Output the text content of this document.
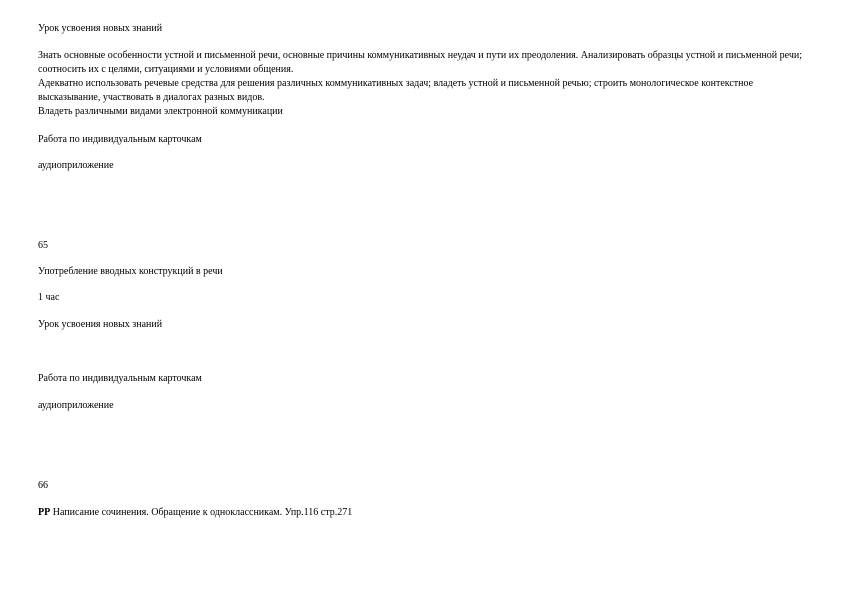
Урок усвоения новых знаний
Знать основные особенности устной и письменной речи, основные причины коммуникативных неудач и пути их преодоления. Анализировать образцы устной и письменной речи; соотносить их с целями, ситуациями и условиями общения.
Адекватно использовать речевые средства для решения различных коммуникативных задач; владеть устной и письменной речью; строить монологическое контекстное высказывание, участвовать в диалогах разных видов.
Владеть различными видами электронной коммуникации
Работа по индивидуальным карточкам
аудиоприложение
65
Употребление вводных конструкций в речи
1 час
Урок усвоения новых знаний
Работа по индивидуальным карточкам
аудиоприложение
66
РР Написание сочинения. Обращение к одноклассникам. Упр.116 стр.271
